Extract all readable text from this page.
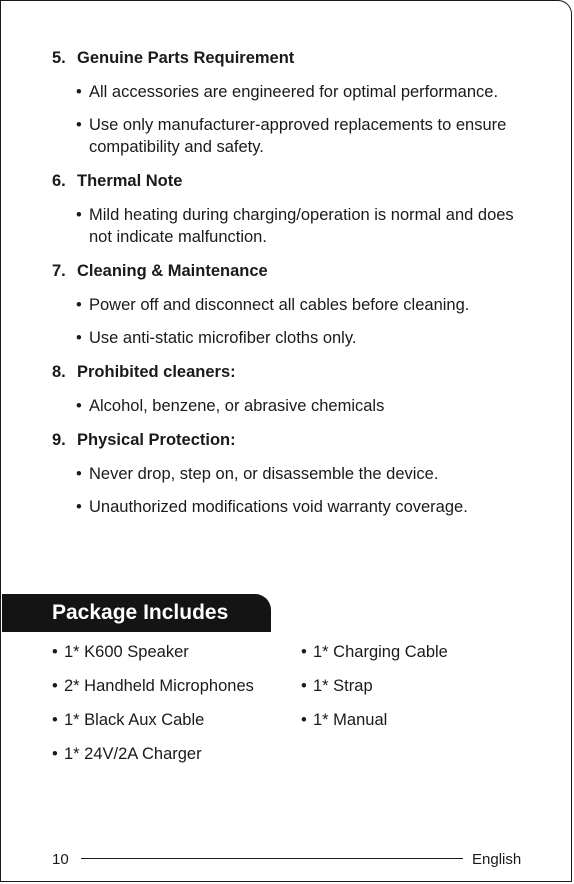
5. Genuine Parts Requirement
• All accessories are engineered for optimal performance.
• Use only manufacturer-approved replacements to ensure compatibility and safety.
6. Thermal Note
• Mild heating during charging/operation is normal and does not indicate malfunction.
7. Cleaning & Maintenance
• Power off and disconnect all cables before cleaning.
• Use anti-static microfiber cloths only.
8. Prohibited cleaners:
• Alcohol, benzene, or abrasive chemicals
9. Physical Protection:
• Never drop, step on, or disassemble the device.
• Unauthorized modifications void warranty coverage.
Package Includes
• 1* K600 Speaker
• 2* Handheld Microphones
• 1* Black Aux Cable
• 1* 24V/2A Charger
• 1* Charging Cable
• 1* Strap
• 1* Manual
10	English
